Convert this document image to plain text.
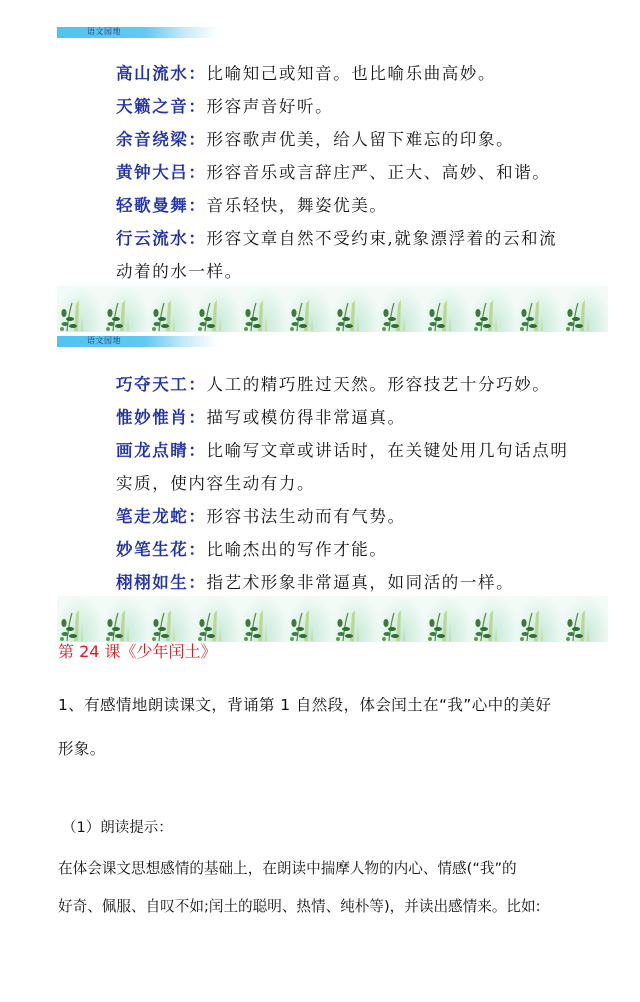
语文园地
高山流水：比喻知己或知音。也比喻乐曲高妙。
天籁之音：形容声音好听。
余音绕梁：形容歌声优美，给人留下难忘的印象。
黄钟大吕：形容音乐或言辞庄严、正大、高妙、和谐。
轻歌曼舞：音乐轻快，舞姿优美。
行云流水：形容文章自然不受约束,就象漂浮着的云和流
动着的水一样。
语文园地
巧夺天工：人工的精巧胜过天然。形容技艺十分巧妙。
惟妙惟肖：描写或模仿得非常逼真。
画龙点睛：比喻写文章或讲话时，在关键处用几句话点明
实质，使内容生动有力。
笔走龙蛇：形容书法生动而有气势。
妙笔生花：比喻杰出的写作才能。
栩栩如生：指艺术形象非常逼真，如同活的一样。
第 24 课《少年闰土》
1、有感情地朗读课文，背诵第 1 自然段，体会闰土在“我”心中的美好
形象。
（1）朗读提示：
在体会课文思想感情的基础上，在朗读中揣摩人物的内心、情感(“我”的
好奇、佩服、自叹不如;闰土的聪明、热情、纯朴等)，并读出感情来。比如:
